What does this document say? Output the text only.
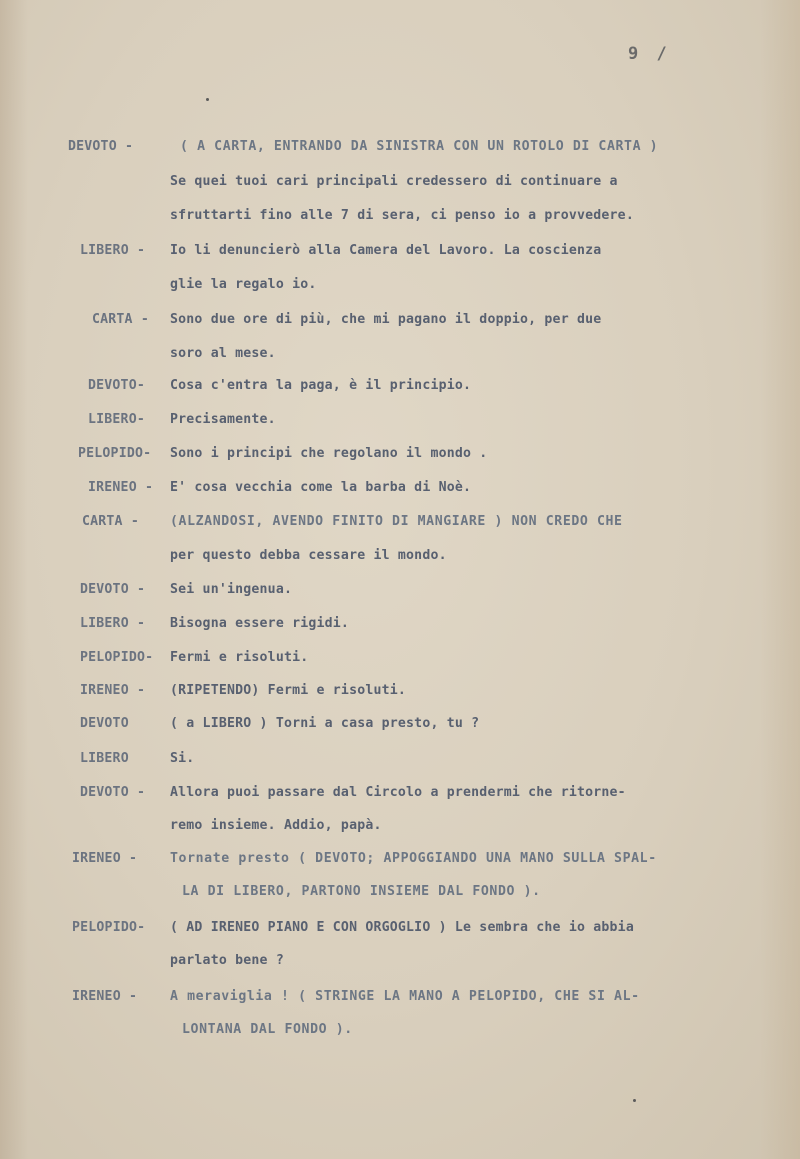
9 /
DEVOTO -	( A CARTA, ENTRANDO DA SINISTRA CON UN ROTOLO DI CARTA )
Se quei tuoi cari principali credessero di continuare a
sfruttarti fino alle 7 di sera, ci penso io a provvedere.
LIBERO - Io li denuncierò alla Camera del Lavoro. La coscienza
glie la regalo io.
CARTA - Sono due ore di più, che mi pagano il doppio, per due
soro al mese.
DEVOTO- Cosa c'entra la paga, è il principio.
LIBERO- Precisamente.
PELOPIDO- Sono i principi che regolano il mondo .
IRENEO - E' cosa vecchia come la barba di Noè.
CARTA - (ALZANDOSI, AVENDO FINITO DI MANGIARE ) NON CREDO CHE
per questo debba cessare il mondo.
DEVOTO - Sei un'ingenua.
LIBERO - Bisogna essere rigidi.
PELOPIDO- Fermi e risoluti.
IRENEO - (RIPETENDO) Fermi e risoluti.
DEVOTO	( a LIBERO ) Torni a casa presto, tu ?
LIBERO	Si.
DEVOTO - Allora puoi passare dal Circolo a prendermi che ritorne-
remo insieme. Addio, papà.
IRENEO - Tornate presto ( DEVOTO; APPOGGIANDO UNA MANO SULLA SPAL-
LA DI LIBERO, PARTONO INSIEME DAL FONDO ).
PELOPIDO- ( AD IRENEO PIANO E CON ORGOGLIO ) Le sembra che io abbia
parlato bene ?
IRENEO - A meraviglia ! ( STRINGE LA MANO A PELOPIDO, CHE SI AL-
LONTANA DAL FONDO ).
